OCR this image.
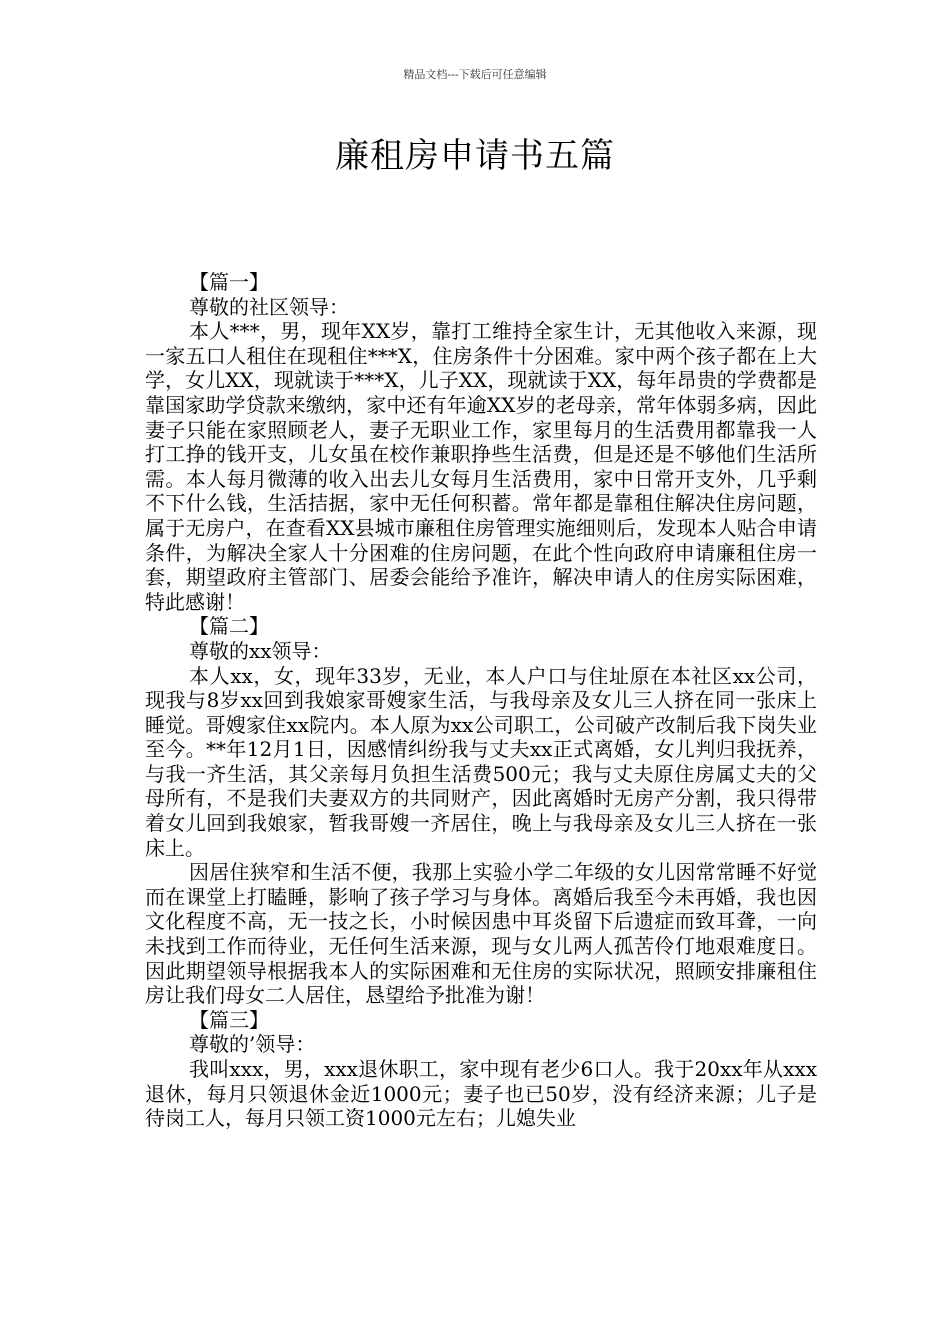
精品文档---下载后可任意编辑
廉租房申请书五篇

【篇一】

尊敬的社区领导：

本人***，男，现年XX岁，靠打工维持全家生计，无其他收入来源，现一家五口人租住在现租住***X，住房条件十分困难。家中两个孩子都在上大学，女儿XX，现就读于***X，儿子XX，现就读于XX，每年昂贵的学费都是靠国家助学贷款来缴纳，家中还有年逾XX岁的老母亲，常年体弱多病，因此妻子只能在家照顾老人，妻子无职业工作，家里每月的生活费用都靠我一人打工挣的钱开支，儿女虽在校作兼职挣些生活费，但是还是不够他们生活所需。本人每月微薄的收入出去儿女每月生活费用，家中日常开支外，几乎剩不下什么钱，生活拮据，家中无任何积蓄。常年都是靠租住解决住房问题，属于无房户，在查看XX县城市廉租住房管理实施细则后，发现本人贴合申请条件，为解决全家人十分困难的住房问题，在此个性向政府申请廉租住房一套，期望政府主管部门、居委会能给予准许，解决申请人的住房实际困难，特此感谢！

【篇二】

尊敬的xx领导：

本人xx，女，现年33岁，无业，本人户口与住址原在本社区xx公司，现我与8岁xx回到我娘家哥嫂家生活，与我母亲及女儿三人挤在同一张床上睡觉。哥嫂家住xx院内。本人原为xx公司职工，公司破产改制后我下岗失业至今。**年12月1日，因感情纠纷我与丈夫xx正式离婚，女儿判归我抚养，与我一齐生活，其父亲每月负担生活费500元；我与丈夫原住房属丈夫的父母所有，不是我们夫妻双方的共同财产，因此离婚时无房产分割，我只得带着女儿回到我娘家，暂我哥嫂一齐居住，晚上与我母亲及女儿三人挤在一张床上。

因居住狭窄和生活不便，我那上实验小学二年级的女儿因常常睡不好觉而在课堂上打瞌睡，影响了孩子学习与身体。离婚后我至今未再婚，我也因文化程度不高，无一技之长，小时候因患中耳炎留下后遗症而致耳聋，一向未找到工作而待业，无任何生活来源，现与女儿两人孤苦伶仃地艰难度日。因此期望领导根据我本人的实际困难和无住房的实际状况，照顾安排廉租住房让我们母女二人居住，恳望给予批准为谢！

【篇三】

尊敬的’领导：

我叫xxx，男，xxx退休职工，家中现有老少6口人。我于20xx年从xxx退休，每月只领退休金近1000元；妻子也已50岁，没有经济来源；儿子是待岗工人，每月只领工资1000元左右；儿媳失业
